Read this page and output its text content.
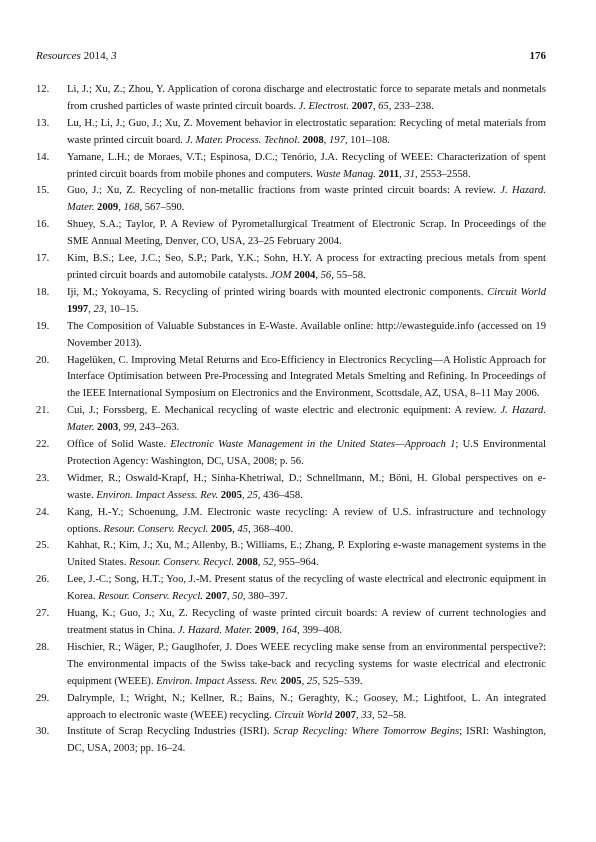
Resources 2014, 3	176
12.	Li, J.; Xu, Z.; Zhou, Y. Application of corona discharge and electrostatic force to separate metals and nonmetals from crushed particles of waste printed circuit boards. J. Electrost. 2007, 65, 233–238.
13.	Lu, H.; Li, J.; Guo, J.; Xu, Z. Movement behavior in electrostatic separation: Recycling of metal materials from waste printed circuit board. J. Mater. Process. Technol. 2008, 197, 101–108.
14.	Yamane, L.H.; de Moraes, V.T.; Espinosa, D.C.; Tenório, J.A. Recycling of WEEE: Characterization of spent printed circuit boards from mobile phones and computers. Waste Manag. 2011, 31, 2553–2558.
15.	Guo, J.; Xu, Z. Recycling of non-metallic fractions from waste printed circuit boards: A review. J. Hazard. Mater. 2009, 168, 567–590.
16.	Shuey, S.A.; Taylor, P. A Review of Pyrometallurgical Treatment of Electronic Scrap. In Proceedings of the SME Annual Meeting, Denver, CO, USA, 23–25 February 2004.
17.	Kim, B.S.; Lee, J.C.; Seo, S.P.; Park, Y.K.; Sohn, H.Y. A process for extracting precious metals from spent printed circuit boards and automobile catalysts. JOM 2004, 56, 55–58.
18.	Iji, M.; Yokoyama, S. Recycling of printed wiring boards with mounted electronic components. Circuit World 1997, 23, 10–15.
19.	The Composition of Valuable Substances in E-Waste. Available online: http://ewasteguide.info (accessed on 19 November 2013).
20.	Hagelüken, C. Improving Metal Returns and Eco-Efficiency in Electronics Recycling—A Holistic Approach for Interface Optimisation between Pre-Processing and Integrated Metals Smelting and Refining. In Proceedings of the IEEE International Symposium on Electronics and the Environment, Scottsdale, AZ, USA, 8–11 May 2006.
21.	Cui, J.; Forssberg, E. Mechanical recycling of waste electric and electronic equipment: A review. J. Hazard. Mater. 2003, 99, 243–263.
22.	Office of Solid Waste. Electronic Waste Management in the United States—Approach 1; U.S Environmental Protection Agency: Washington, DC, USA, 2008; p. 56.
23.	Widmer, R.; Oswald-Krapf, H.; Sinha-Khetriwal, D.; Schnellmann, M.; Böni, H. Global perspectives on e-waste. Environ. Impact Assess. Rev. 2005, 25, 436–458.
24.	Kang, H.-Y.; Schoenung, J.M. Electronic waste recycling: A review of U.S. infrastructure and technology options. Resour. Conserv. Recycl. 2005, 45, 368–400.
25.	Kahhat, R.; Kim, J.; Xu, M.; Allenby, B.; Williams, E.; Zhang, P. Exploring e-waste management systems in the United States. Resour. Conserv. Recycl. 2008, 52, 955–964.
26.	Lee, J.-C.; Song, H.T.; Yoo, J.-M. Present status of the recycling of waste electrical and electronic equipment in Korea. Resour. Conserv. Recycl. 2007, 50, 380–397.
27.	Huang, K.; Guo, J.; Xu, Z. Recycling of waste printed circuit boards: A review of current technologies and treatment status in China. J. Hazard. Mater. 2009, 164, 399–408.
28.	Hischier, R.; Wäger, P.; Gauglhofer, J. Does WEEE recycling make sense from an environmental perspective?: The environmental impacts of the Swiss take-back and recycling systems for waste electrical and electronic equipment (WEEE). Environ. Impact Assess. Rev. 2005, 25, 525–539.
29.	Dalrymple, I.; Wright, N.; Kellner, R.; Bains, N.; Geraghty, K.; Goosey, M.; Lightfoot, L. An integrated approach to electronic waste (WEEE) recycling. Circuit World 2007, 33, 52–58.
30.	Institute of Scrap Recycling Industries (ISRI). Scrap Recycling: Where Tomorrow Begins; ISRI: Washington, DC, USA, 2003; pp. 16–24.
